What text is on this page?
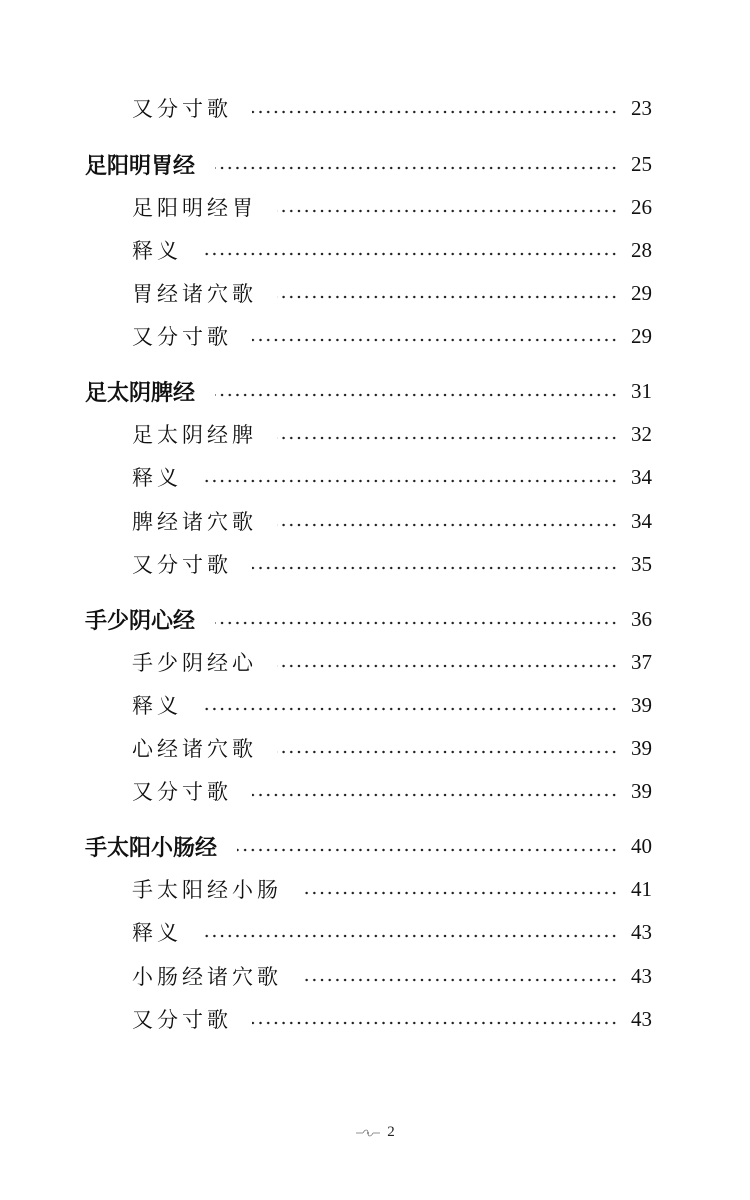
又分寸歌	23
足阳明胃经	25
足阳明经胃	26
释义	28
胃经诸穴歌	29
又分寸歌	29
足太阴脾经	31
足太阴经脾	32
释义	34
脾经诸穴歌	34
又分寸歌	35
手少阴心经	36
手少阴经心	37
释义	39
心经诸穴歌	39
又分寸歌	39
手太阳小肠经	40
手太阳经小肠	41
释义	43
小肠经诸穴歌	43
又分寸歌	43
2
